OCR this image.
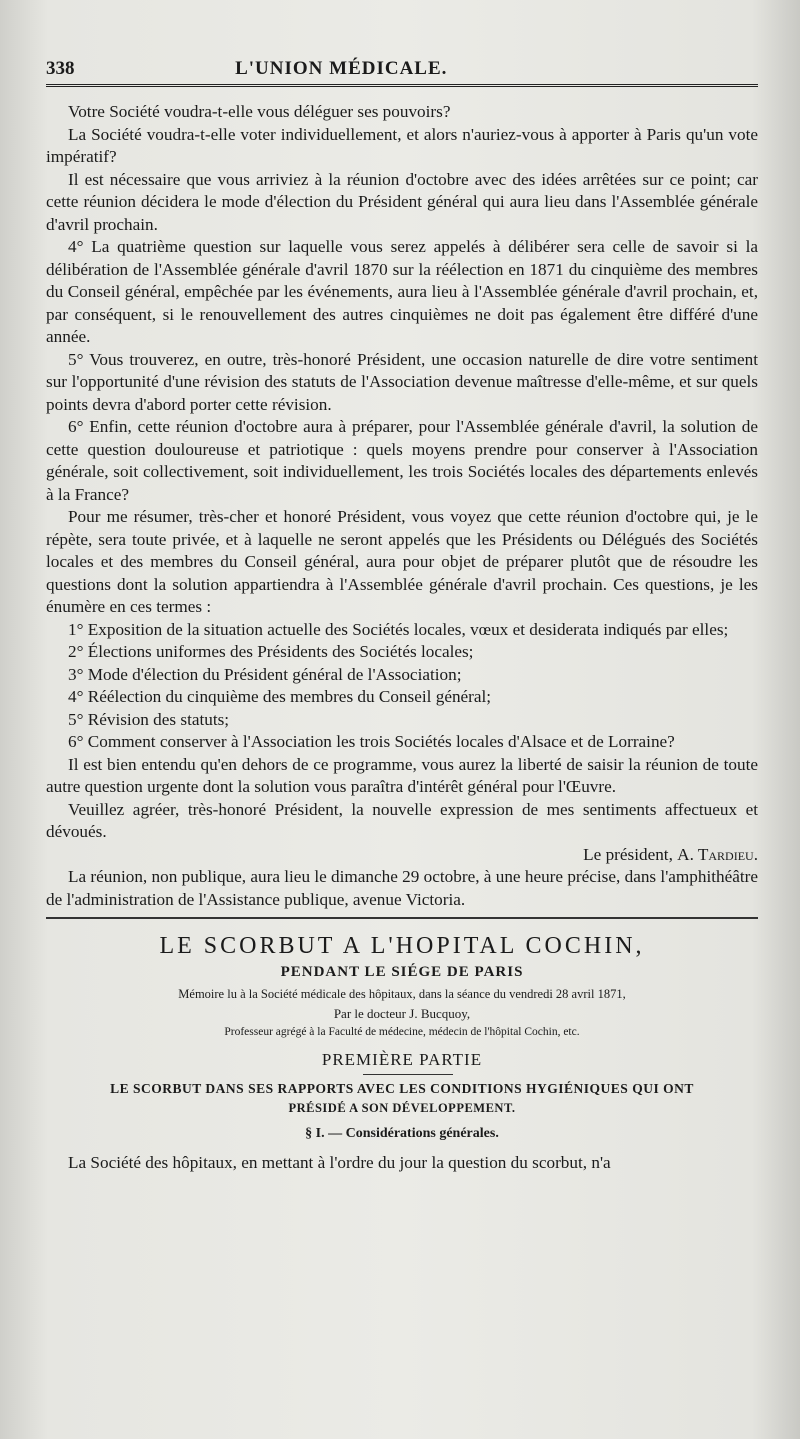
338	L'UNION MÉDICALE.

Votre Société voudra-t-elle vous déléguer ses pouvoirs?

La Société voudra-t-elle voter individuellement, et alors n'auriez-vous à apporter à Paris qu'un vote impératif?

Il est nécessaire que vous arriviez à la réunion d'octobre avec des idées arrêtées sur ce point; car cette réunion décidera le mode d'élection du Président général qui aura lieu dans l'Assemblée générale d'avril prochain.

4° La quatrième question sur laquelle vous serez appelés à délibérer sera celle de savoir si la délibération de l'Assemblée générale d'avril 1870 sur la réélection en 1871 du cinquième des membres du Conseil général, empêchée par les événements, aura lieu à l'Assemblée générale d'avril prochain, et, par conséquent, si le renouvellement des autres cinquièmes ne doit pas également être différé d'une année.

5° Vous trouverez, en outre, très-honoré Président, une occasion naturelle de dire votre sentiment sur l'opportunité d'une révision des statuts de l'Association devenue maîtresse d'elle-même, et sur quels points devra d'abord porter cette révision.

6° Enfin, cette réunion d'octobre aura à préparer, pour l'Assemblée générale d'avril, la solution de cette question douloureuse et patriotique : quels moyens prendre pour conserver à l'Association générale, soit collectivement, soit individuellement, les trois Sociétés locales des départements enlevés à la France?

Pour me résumer, très-cher et honoré Président, vous voyez que cette réunion d'octobre qui, je le répète, sera toute privée, et à laquelle ne seront appelés que les Présidents ou Délégués des Sociétés locales et des membres du Conseil général, aura pour objet de préparer plutôt que de résoudre les questions dont la solution appartiendra à l'Assemblée générale d'avril prochain. Ces questions, je les énumère en ces termes :

1° Exposition de la situation actuelle des Sociétés locales, vœux et desiderata indiqués par elles;

2° Élections uniformes des Présidents des Sociétés locales;

3° Mode d'élection du Président général de l'Association;

4° Réélection du cinquième des membres du Conseil général;

5° Révision des statuts;

6° Comment conserver à l'Association les trois Sociétés locales d'Alsace et de Lorraine?

Il est bien entendu qu'en dehors de ce programme, vous aurez la liberté de saisir la réunion de toute autre question urgente dont la solution vous paraîtra d'intérêt général pour l'Œuvre.

Veuillez agréer, très-honoré Président, la nouvelle expression de mes sentiments affectueux et dévoués.

Le président, A. Tardieu.

La réunion, non publique, aura lieu le dimanche 29 octobre, à une heure précise, dans l'amphithéâtre de l'administration de l'Assistance publique, avenue Victoria.

LE SCORBUT A L'HOPITAL COCHIN,
PENDANT LE SIÉGE DE PARIS
Mémoire lu à la Société médicale des hôpitaux, dans la séance du vendredi 28 avril 1871,
Par le docteur J. Bucquoy,
Professeur agrégé à la Faculté de médecine, médecin de l'hôpital Cochin, etc.
PREMIÈRE PARTIE
LE SCORBUT DANS SES RAPPORTS AVEC LES CONDITIONS HYGIÉNIQUES QUI ONT
PRÉSIDÉ A SON DÉVELOPPEMENT.
§ I. — Considérations générales.

La Société des hôpitaux, en mettant à l'ordre du jour la question du scorbut, n'a
